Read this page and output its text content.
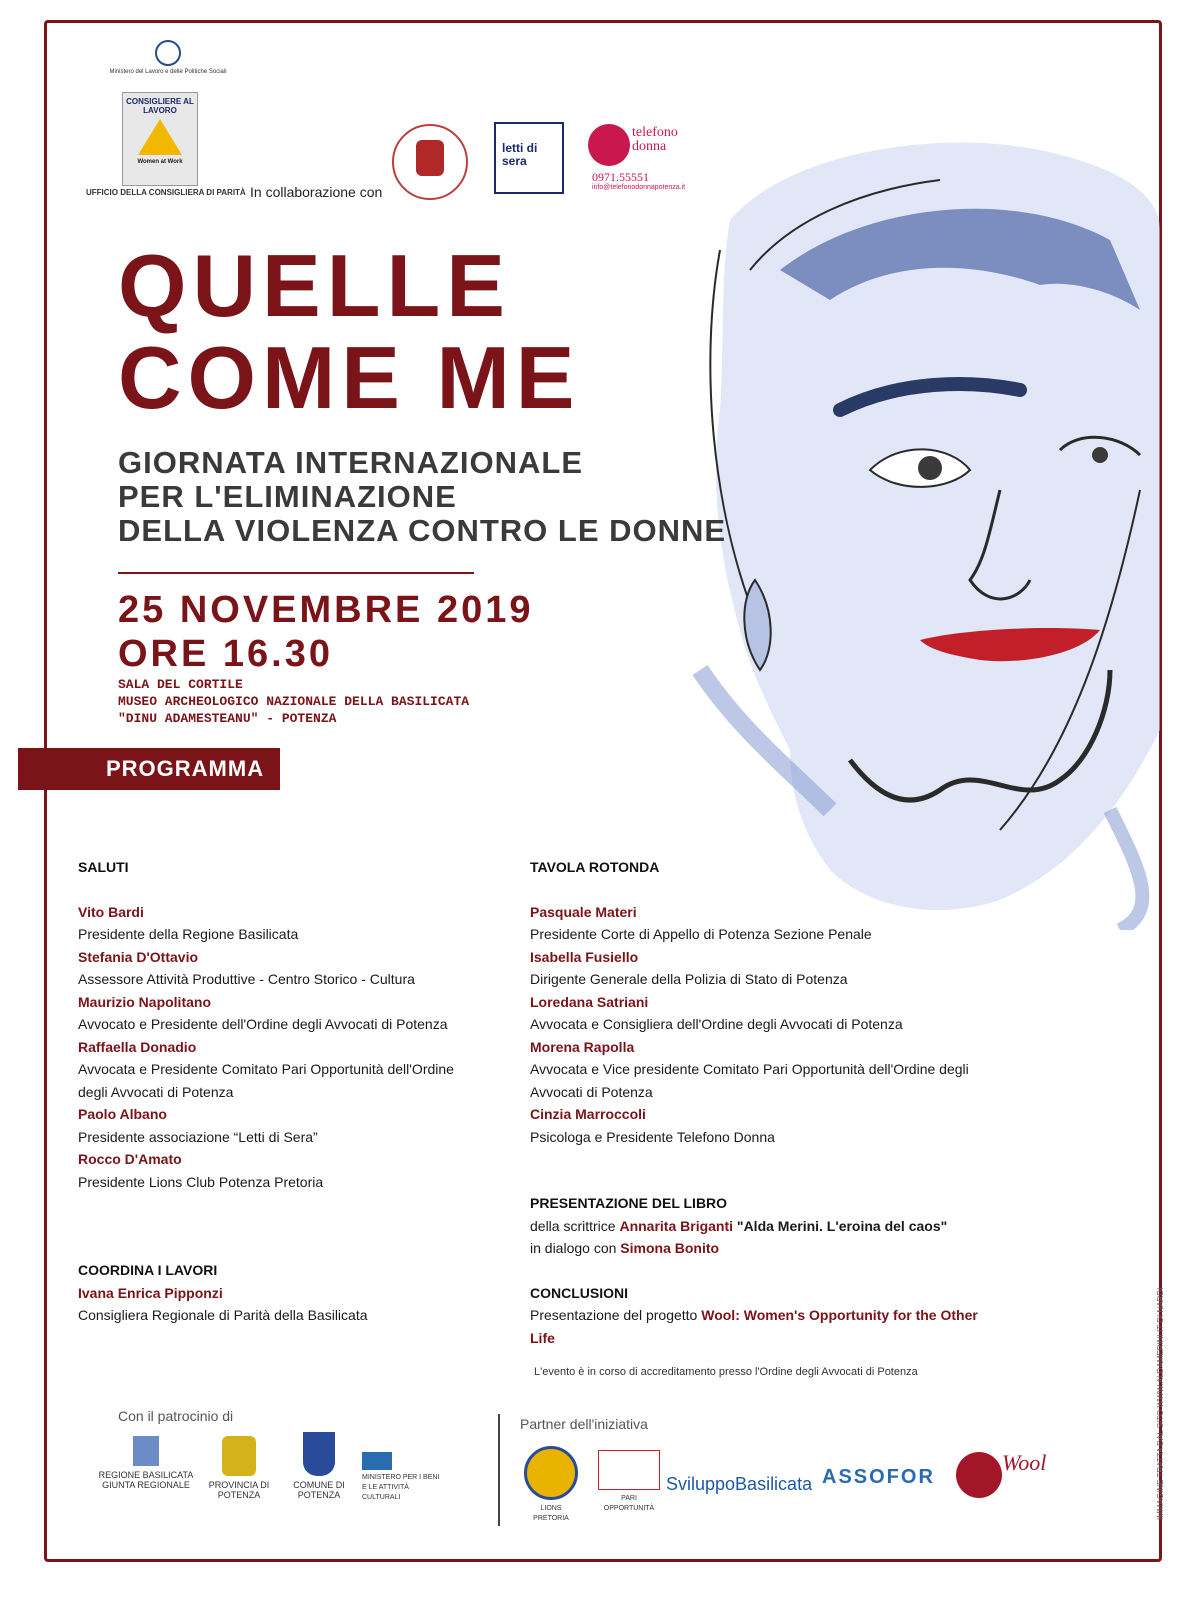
Ministero del Lavoro e delle Politiche Sociali
CONSIGLIERE AL LAVORO
Women at Work
UFFICIO DELLA CONSIGLIERA DI PARITÀ In collaborazione con
letti di sera
telefono donna
0971.55551
info@telefonodonnapotenza.it
QUELLE
COME ME
GIORNATA INTERNAZIONALE
PER L'ELIMINAZIONE
DELLA VIOLENZA CONTRO LE DONNE
25 NOVEMBRE 2019
ORE 16.30
SALA DEL CORTILE
MUSEO ARCHEOLOGICO NAZIONALE DELLA BASILICATA
"DINU ADAMESTEANU" - POTENZA
PROGRAMMA
SALUTI
Vito Bardi
Presidente della Regione Basilicata
Stefania D'Ottavio
Assessore Attività Produttive - Centro Storico - Cultura
Maurizio Napolitano
Avvocato e Presidente dell'Ordine degli Avvocati di Potenza
Raffaella Donadio
Avvocata e Presidente Comitato Pari Opportunità dell'Ordine
degli Avvocati di Potenza
Paolo Albano
Presidente associazione “Letti di Sera”
Rocco D'Amato
Presidente Lions Club Potenza Pretoria
COORDINA I LAVORI
Ivana Enrica Pipponzi
Consigliera Regionale di Parità della Basilicata
TAVOLA ROTONDA
Pasquale Materi
Presidente Corte di Appello di Potenza Sezione Penale
Isabella Fusiello
Dirigente Generale della Polizia di Stato di Potenza
Loredana Satriani
Avvocata e Consigliera dell'Ordine degli Avvocati di Potenza
Morena Rapolla
Avvocata e Vice presidente Comitato Pari Opportunità dell'Ordine degli
Avvocati di Potenza
Cinzia Marroccoli
Psicologa e Presidente Telefono Donna
PRESENTAZIONE DEL LIBRO
della scrittrice Annarita Briganti "Alda Merini. L'eroina del caos"
in dialogo con Simona Bonito
CONCLUSIONI
Presentazione del progetto Wool: Women's Opportunity for the Other Life
L'evento è in corso di accreditamento presso l'Ordine degli Avvocati di Potenza
Con il patrocinio di	Partner dell'iniziativa
REGIONE BASILICATA GIUNTA REGIONALE	PROVINCIA DI POTENZA
COMUNE DI POTENZA
MINISTERO PER I BENI E LE ATTIVITÀ CULTURALI
LIONS PRETORIA
PARI OPPORTUNITÀ
SviluppoBasilicata ASSOFOR
Wool	IMMAGINE TRATTA DAL SITO WWW.ALDAMERINI.IT DI NARDI
